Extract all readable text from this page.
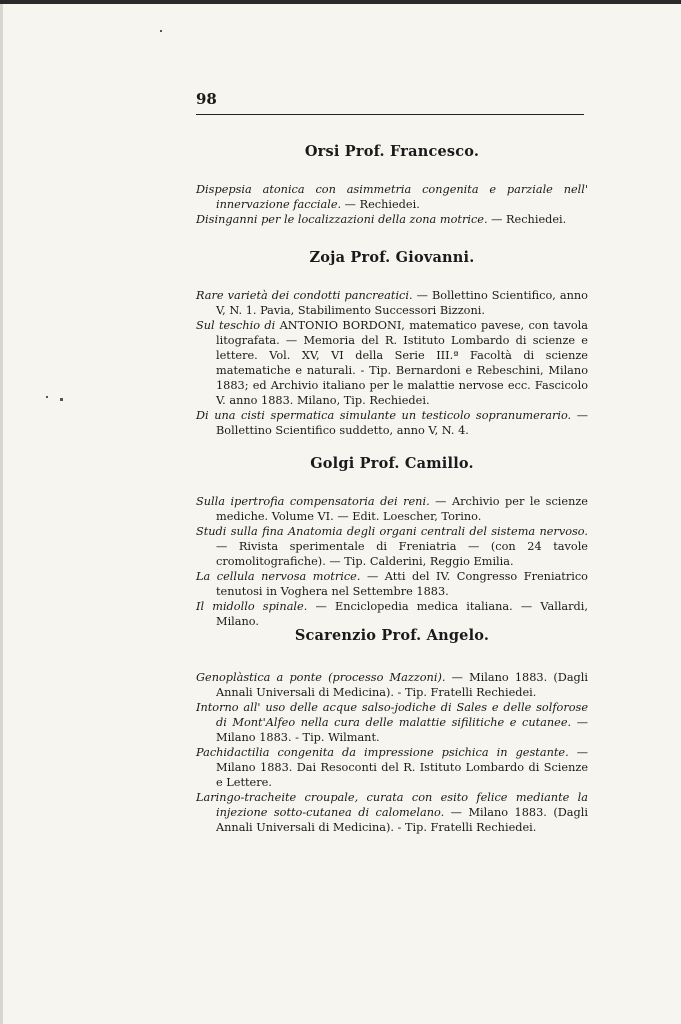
98
Orsi Prof. Francesco.

Dispepsia atonica con asimmetria congenita e parziale nell' innervazione facciale. — Rechiedei.

Disinganni per le localizzazioni della zona motrice. — Rechiedei.

Zoja Prof. Giovanni.

Rare varietà dei condotti pancreatici. — Bollettino Scientifico, anno V, N. 1. Pavia, Stabilimento Successori Bizzoni.

Sul teschio di ANTONIO BORDONI, matematico pavese, con tavola litografata. — Memoria del R. Istituto Lombardo di scienze e lettere. Vol. XV, VI della Serie III.ª Facoltà di scienze matematiche e naturali. - Tip. Bernardoni e Rebeschini, Milano 1883; ed Archivio italiano per le malattie nervose ecc. Fascicolo V. anno 1883. Milano, Tip. Rechiedei.

Di una cisti spermatica simulante un testicolo sopranumerario. — Bollettino Scientifico suddetto, anno V, N. 4.

Golgi Prof. Camillo.

Sulla ipertrofia compensatoria dei reni. — Archivio per le scienze mediche. Volume VI. — Edit. Loescher, Torino.

Studi sulla fina Anatomia degli organi centrali del sistema nervoso. — Rivista sperimentale di Freniatria — (con 24 tavole cromolitografiche). — Tip. Calderini, Reggio Emilia.

La cellula nervosa motrice. — Atti del IV. Congresso Freniatrico tenutosi in Voghera nel Settembre 1883.

Il midollo spinale. — Enciclopedia medica italiana. — Vallardi, Milano.

Scarenzio Prof. Angelo.

Genoplàstica a ponte (processo Mazzoni). — Milano 1883. (Dagli Annali Universali di Medicina). - Tip. Fratelli Rechiedei.

Intorno all' uso delle acque salso-jodiche di Sales e delle solforose di Mont'Alfeo nella cura delle malattie sifilitiche e cutanee. — Milano 1883. - Tip. Wilmant.

Pachidactilia congenita da impressione psichica in gestante. — Milano 1883. Dai Resoconti del R. Istituto Lombardo di Scienze e Lettere.

Laringo-tracheite croupale, curata con esito felice mediante la injezione sotto-cutanea di calomelano. — Milano 1883. (Dagli Annali Universali di Medicina). - Tip. Fratelli Rechiedei.
